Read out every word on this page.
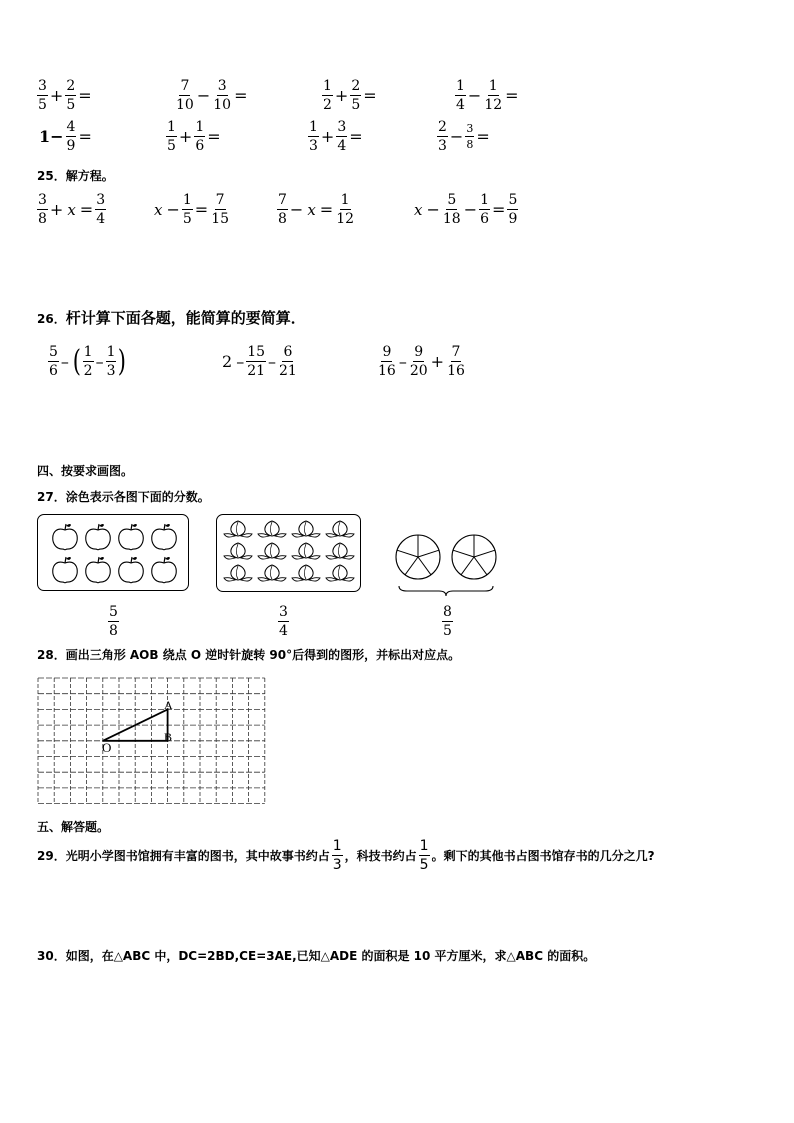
$\frac{3}{5} + \frac{2}{5}$ =	$\frac{7}{10} - \frac{3}{10}$ =	$\frac{1}{2} + \frac{2}{5}$ =	$\frac{1}{4} - \frac{1}{12}$ =
$1- \frac{4}{9}$ =	$\frac{1}{5} + \frac{1}{6}$ =	$\frac{1}{3} + \frac{3}{4}$ =	$\frac{2}{3} - \frac{3}{8}$ =
25．解方程。
$\frac{3}{8} + x = \frac{3}{4}$	$x - \frac{1}{5} = \frac{7}{15}$	$\frac{7}{8} - x = \frac{1}{12}$	$x - \frac{5}{18} - \frac{1}{6} = \frac{5}{9}$
26．杆计算下面各题，能简算的要简算．
$\frac{5}{6}$ – ( $\frac{1}{2} - \frac{1}{3}$ )	$2 - \frac{15}{21} - \frac{6}{21}$	$\frac{9}{16} - \frac{9}{20} + \frac{7}{16}$
四、按要求画图。
27．涂色表示各图下面的分数。
$\frac{5}{8}$	$\frac{3}{4}$	$\frac{8}{5}$
28．画出三角形 AOB 绕点 O 逆时针旋转 90°后得到的图形，并标出对应点。
O
A
B
五、解答题。
29．光明小学图书馆拥有丰富的图书，其中故事书约占 $\frac{1}{3}$ ，科技书约占 $\frac{1}{5}$ 。剩下的其他书占图书馆存书的几分之几?
30．如图，在△ABC 中，DC=2BD,CE=3AE,已知△ADE 的面积是 10 平方厘米，求△ABC 的面积。
